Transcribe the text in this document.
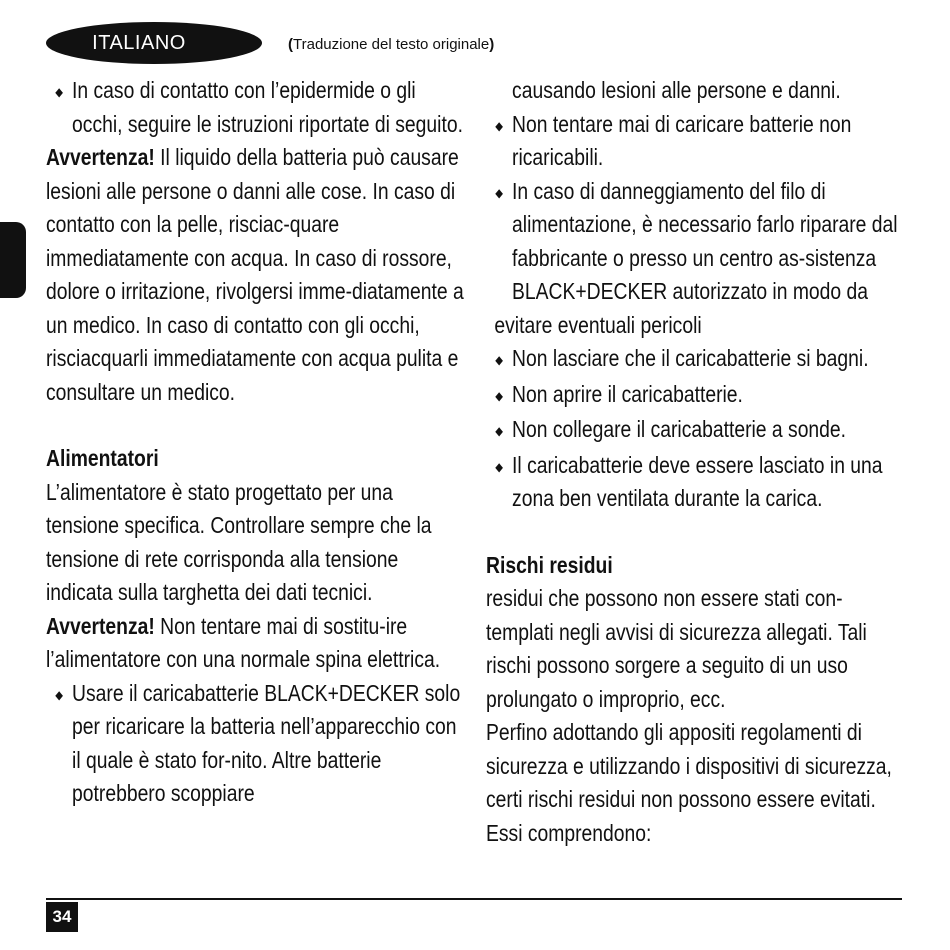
ITALIANO	(Traduzione del testo originale)
◆ In caso di contatto con l’epidermide o gli occhi, seguire le istruzioni riportate di seguito.

Avvertenza! Il liquido della batteria può causare lesioni alle persone o danni alle cose. In caso di contatto con la pelle, risciac-quare immediatamente con acqua. In caso di rossore, dolore o irritazione, rivolgersi imme-diatamente a un medico. In caso di contatto con gli occhi, risciacquarli immediatamente con acqua pulita e consultare un medico.

Alimentatori

L’alimentatore è stato progettato per una tensione specifica. Controllare sempre che la tensione di rete corrisponda alla tensione indicata sulla targhetta dei dati tecnici.

Avvertenza! Non tentare mai di sostitu-ire l’alimentatore con una normale spina elettrica.

◆ Usare il caricabatterie BLACK+DECKER solo per ricaricare la batteria nell’apparecchio con il quale è stato for-nito. Altre batterie potrebbero scoppiare

causando lesioni alle persone e danni.

◆ Non tentare mai di caricare batterie non ricaricabili.
◆ In caso di danneggiamento del filo di alimentazione, è necessario farlo riparare dal fabbricante o presso un centro as-sistenza BLACK+DECKER autorizzato in modo da

evitare eventuali pericoli

◆ Non lasciare che il caricabatterie si bagni.
◆ Non aprire il caricabatterie.
◆ Non collegare il caricabatterie a sonde.
◆ Il caricabatterie deve essere lasciato in una zona ben ventilata durante la carica.

Rischi residui

residui che possono non essere stati con-templati negli avvisi di sicurezza allegati. Tali rischi possono sorgere a seguito di un uso prolungato o improprio, ecc.

Perfino adottando gli appositi regolamenti di sicurezza e utilizzando i dispositivi di sicurezza, certi rischi residui non possono essere evitati. Essi comprendono:

34
